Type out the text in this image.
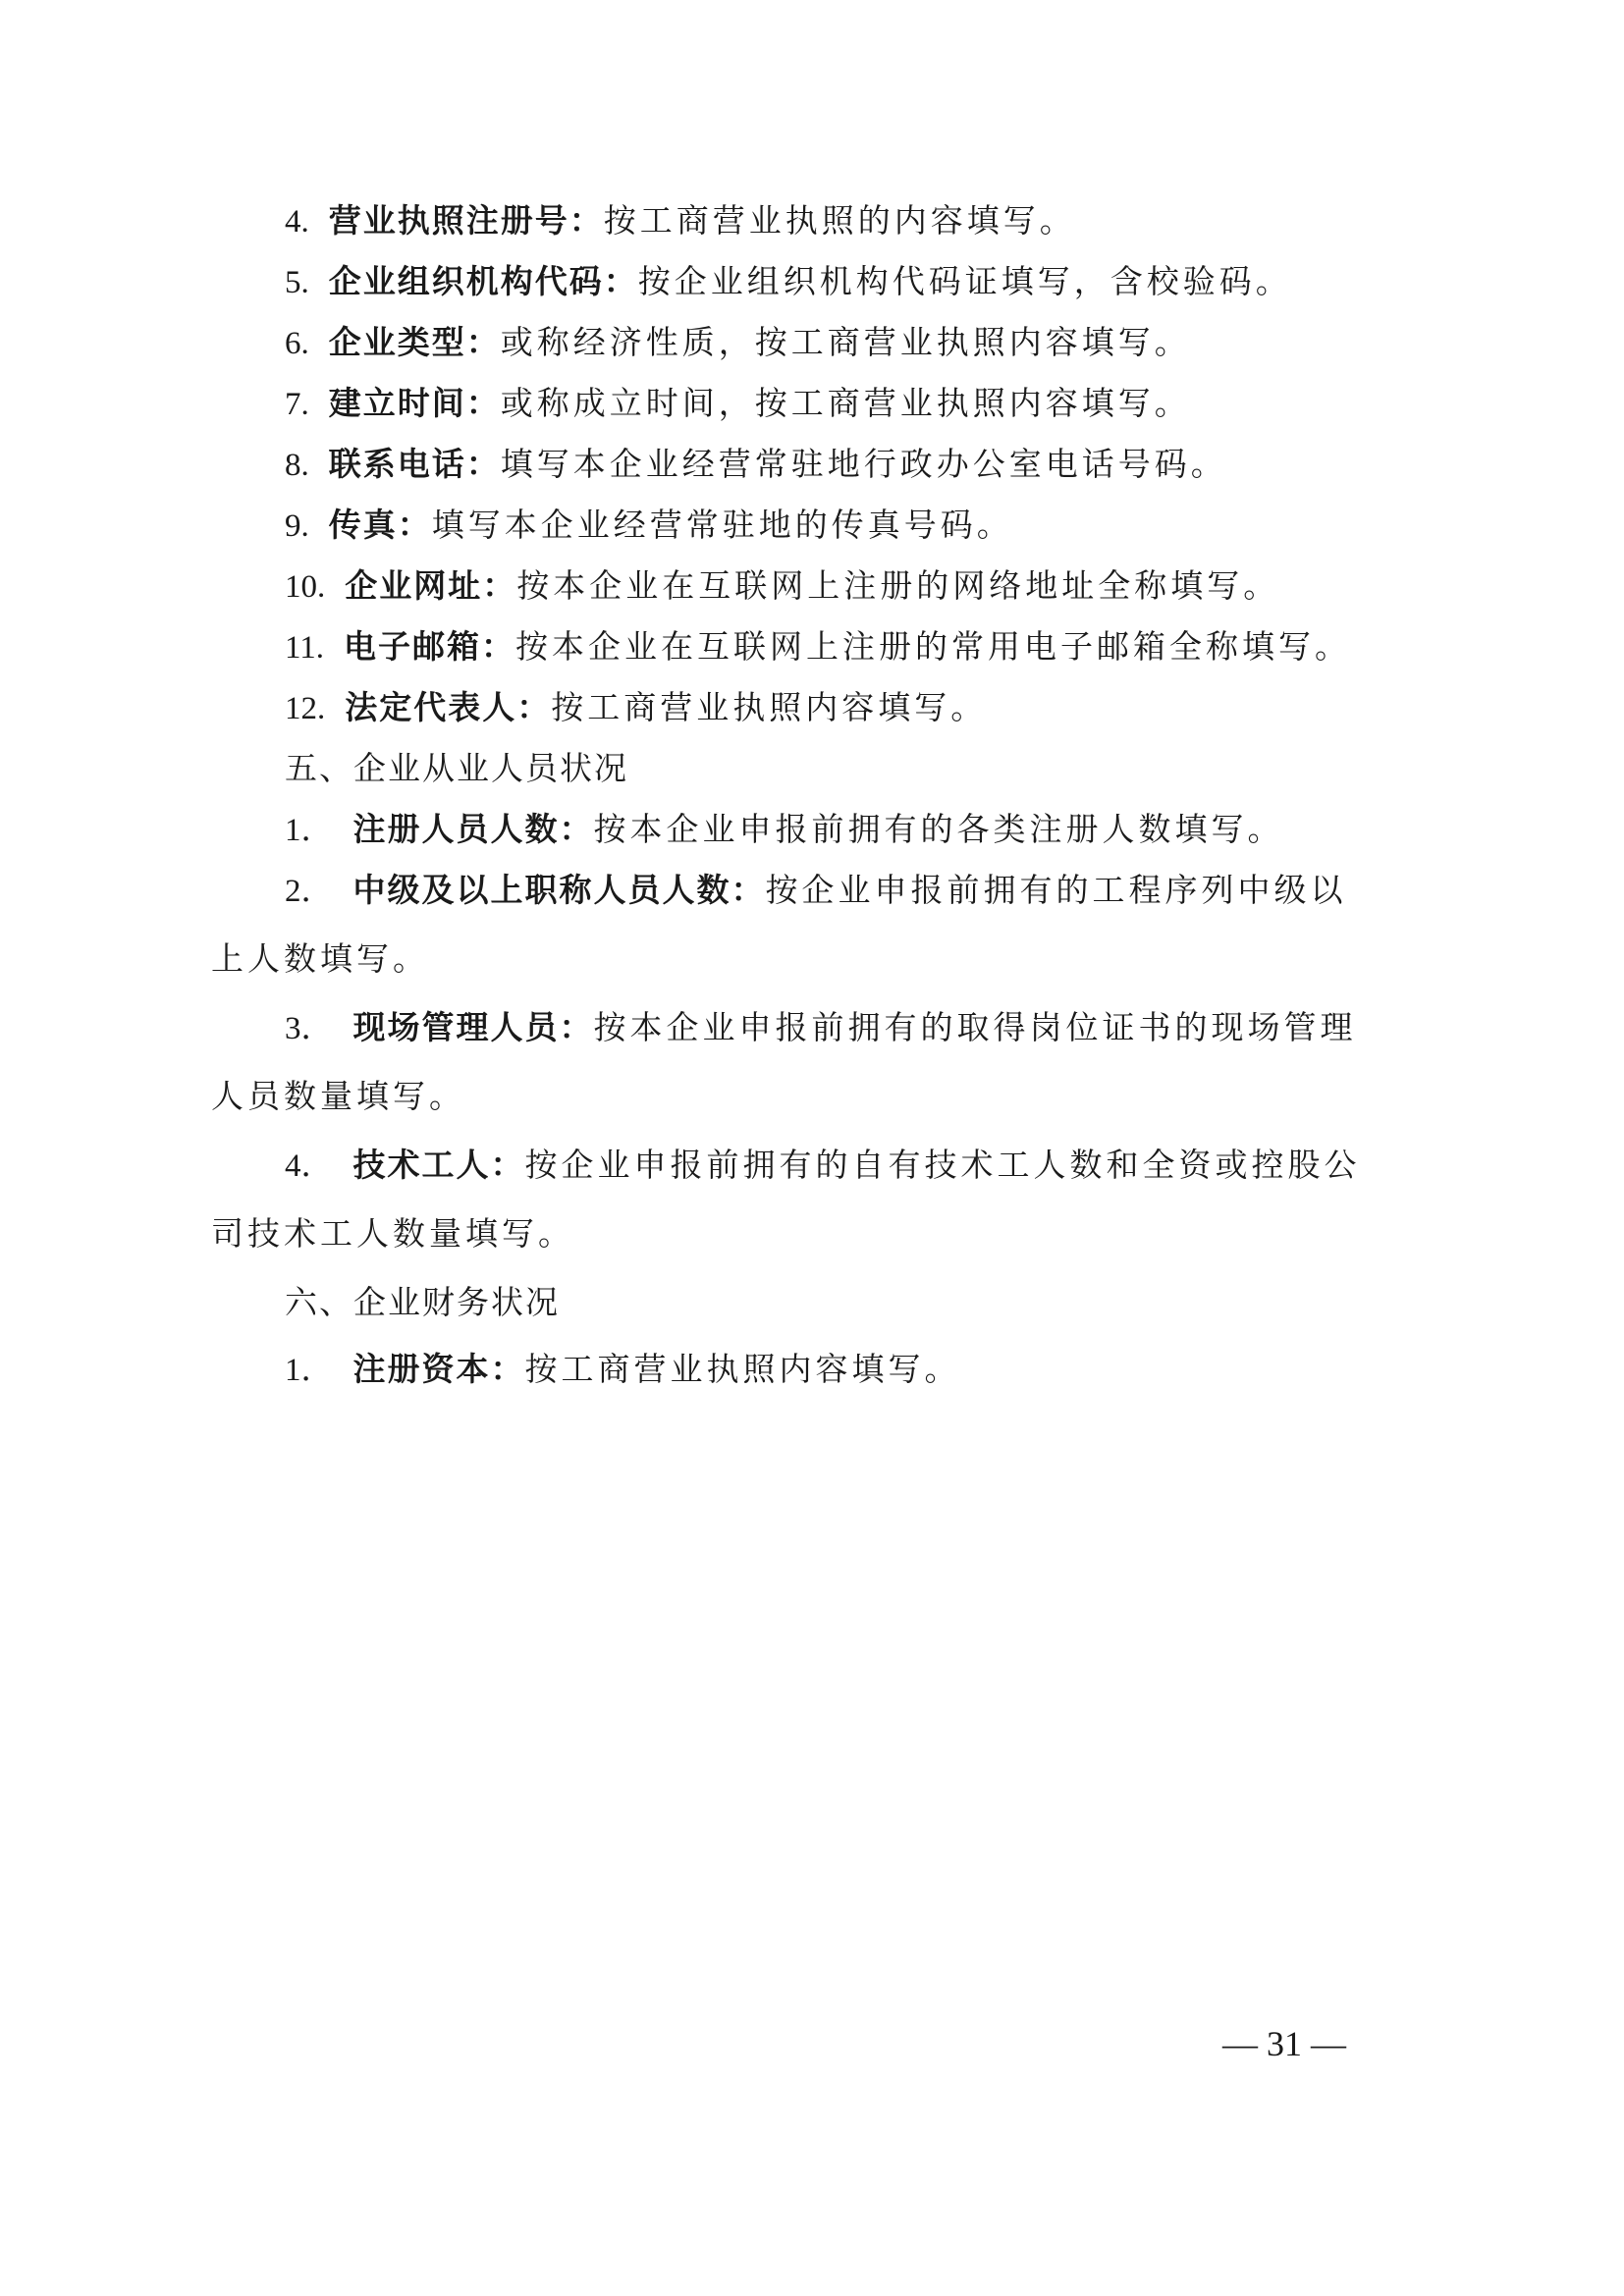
4. 营业执照注册号：按工商营业执照的内容填写。
5. 企业组织机构代码：按企业组织机构代码证填写，含校验码。
6. 企业类型：或称经济性质，按工商营业执照内容填写。
7. 建立时间：或称成立时间，按工商营业执照内容填写。
8. 联系电话：填写本企业经营常驻地行政办公室电话号码。
9. 传真：填写本企业经营常驻地的传真号码。
10. 企业网址：按本企业在互联网上注册的网络地址全称填写。
11. 电子邮箱：按本企业在互联网上注册的常用电子邮箱全称填写。
12. 法定代表人：按工商营业执照内容填写。
五、企业从业人员状况
1． 注册人员人数：按本企业申报前拥有的各类注册人数填写。
2． 中级及以上职称人员人数：按企业申报前拥有的工程序列中级以
上人数填写。
3． 现场管理人员：按本企业申报前拥有的取得岗位证书的现场管理
人员数量填写。
4． 技术工人：按企业申报前拥有的自有技术工人数和全资或控股公
司技术工人数量填写。
六、企业财务状况
1． 注册资本：按工商营业执照内容填写。
— 31 —
